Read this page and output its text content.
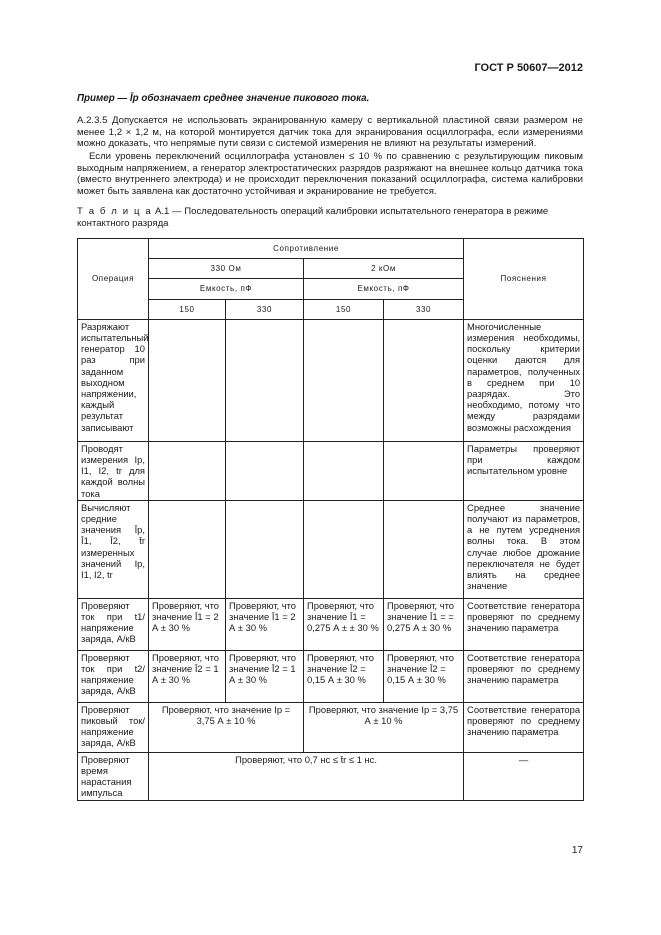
ГОСТ Р 50607—2012
Пример — Īp обозначает среднее значение пикового тока.
А.2.3.5 Допускается не использовать экранированную камеру с вертикальной пластиной связи размером не менее 1,2 × 1,2 м, на которой монтируется датчик тока для экранирования осциллографа, если измерениями можно доказать, что непрямые пути связи с системой измерения не влияют на результаты измерений.
Если уровень переключений осциллографа установлен ≤ 10 % по сравнению с результирующим пиковым выходным напряжением, а генератор электростатических разрядов разряжают на внешнее кольцо датчика тока (вместо внутреннего электрода) и не происходит переключения показаний осциллографа, система калибровки может быть заявлена как достаточно устойчивая и экранирование не требуется.
Т а б л и ц а А.1 — Последовательность операций калибровки испытательного генератора в режиме контактного разряда
Операция	Сопротивление				Пояснения
	330 Ом		2 кОм		
	Емкость, пФ		Емкость, пФ		
	150	330	150	330	
Разряжают испытательный генератор 10 раз при заданном выходном напряжении, каждый результат записывают					Многочисленные измерения необходимы, поскольку критерии оценки даются для параметров, полученных в среднем при 10 разрядах. Это необходимо, потому что между разрядами возможны расхождения
Проводят измерения Ip, I1, I2, tr для каждой волны тока					Параметры проверяют при каждом испытательном уровне
Вычисляют средние значения Īp, Ī1, Ī2, t̄r измеренных значений Ip, I1, I2, tr					Среднее значение получают из параметров, а не путем усреднения волны тока. В этом случае любое дрожание переключателя не будет влиять на среднее значение
Проверяют ток при t1/напряжение заряда, А/кВ	Проверяют, что значение Ī1 = 2 А ± 30 %	Проверяют, что значение Ī1 = 2 А ± 30 %	Проверяют, что значение Ī1 = 0,275 А ± ± 30 %	Проверяют, что значение Ī1 = = 0,275 А ± 30 %	Соответствие генератора проверяют по среднему значению параметра
Проверяют ток при t2/напряжение заряда, А/кВ	Проверяют, что значение Ī2 = 1 А ± 30 %	Проверяют, что значение Ī2 = 1 А ± 30 %	Проверяют, что значение Ī2 = 0,15 А ± 30 %	Проверяют, что значение Ī2 = 0,15 А ± 30 %	Соответствие генератора проверяют по среднему значению параметра
Проверяют пиковый ток/напряжение заряда, А/кВ	Проверяют, что значение Ip = 3,75 А ± 10 %		Проверяют, что значение Ip = 3,75 А ± 10 %		Соответствие генератора проверяют по среднему значению параметра
Проверяют время нарастания импульса	Проверяют, что 0,7 нс ≤ t̄r ≤ 1 нс.				—
17
